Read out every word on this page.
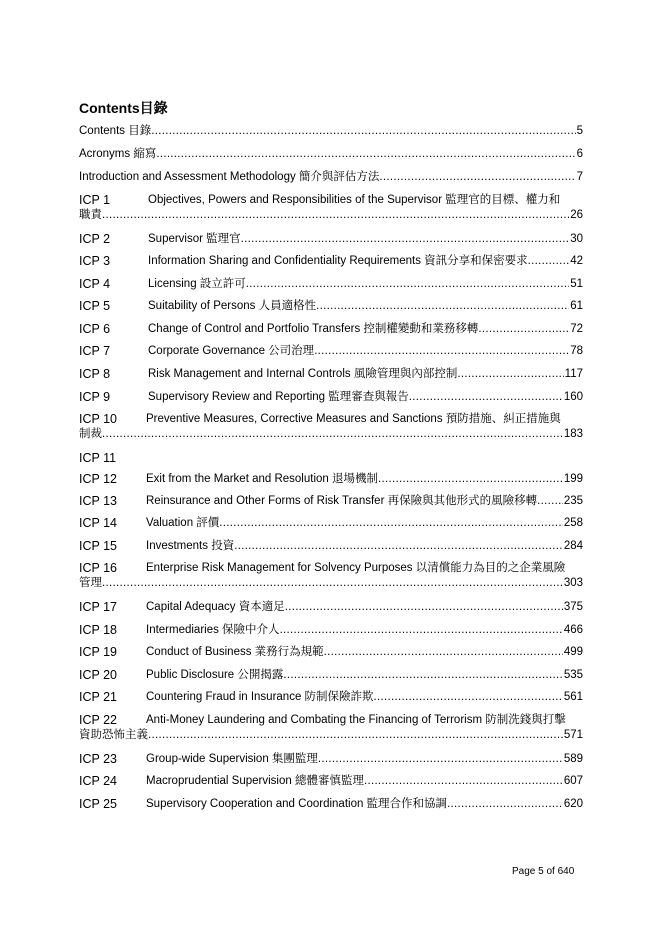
Contents目錄
Contents 目錄 .....	5
Acronyms 縮寫 .....	6
Introduction and Assessment Methodology 簡介與評估方法 .....	7
ICP 1	Objectives, Powers and Responsibilities of the Supervisor 監理官的目標、權力和
職責 .....	26
ICP 2	Supervisor 監理官 .....	30
ICP 3	Information Sharing and Confidentiality Requirements 資訊分享和保密要求 .....	42
ICP 4	Licensing 設立許可 .....	51
ICP 5	Suitability of Persons 人員適格性 .....	61
ICP 6	Change of Control and Portfolio Transfers 控制權變動和業務移轉 .....	72
ICP 7	Corporate Governance 公司治理 .....	78
ICP 8	Risk Management and Internal Controls 風險管理與內部控制 .....	117
ICP 9	Supervisory Review and Reporting 監理審查與報告 .....	160
ICP 10	Preventive Measures, Corrective Measures and Sanctions 預防措施、糾正措施與
制裁 .....	183
ICP 11
ICP 12	Exit from the Market and Resolution 退場機制 .....	199
ICP 13	Reinsurance and Other Forms of Risk Transfer 再保險與其他形式的風險移轉 ..... 235
ICP 14	Valuation 評價 .....	258
ICP 15	Investments 投資 .....	284
ICP 16	Enterprise Risk Management for Solvency Purposes 以清償能力為目的之企業風險
管理 .....	303
ICP 17	Capital Adequacy 資本適足 .....	375
ICP 18	Intermediaries 保險中介人 .....	466
ICP 19	Conduct of Business 業務行為規範 .....	499
ICP 20	Public Disclosure 公開揭露 .....	535
ICP 21	Countering Fraud in Insurance 防制保險詐欺 .....	561
ICP 22	Anti-Money Laundering and Combating the Financing of Terrorism 防制洗錢與打擊
資助恐怖主義 .....	571
ICP 23	Group-wide Supervision 集團監理 .....	589
ICP 24	Macroprudential Supervision 總體審慎監理 .....	607
ICP 25	Supervisory Cooperation and Coordination 監理合作和協調 .....	620
Page 5 of 640
